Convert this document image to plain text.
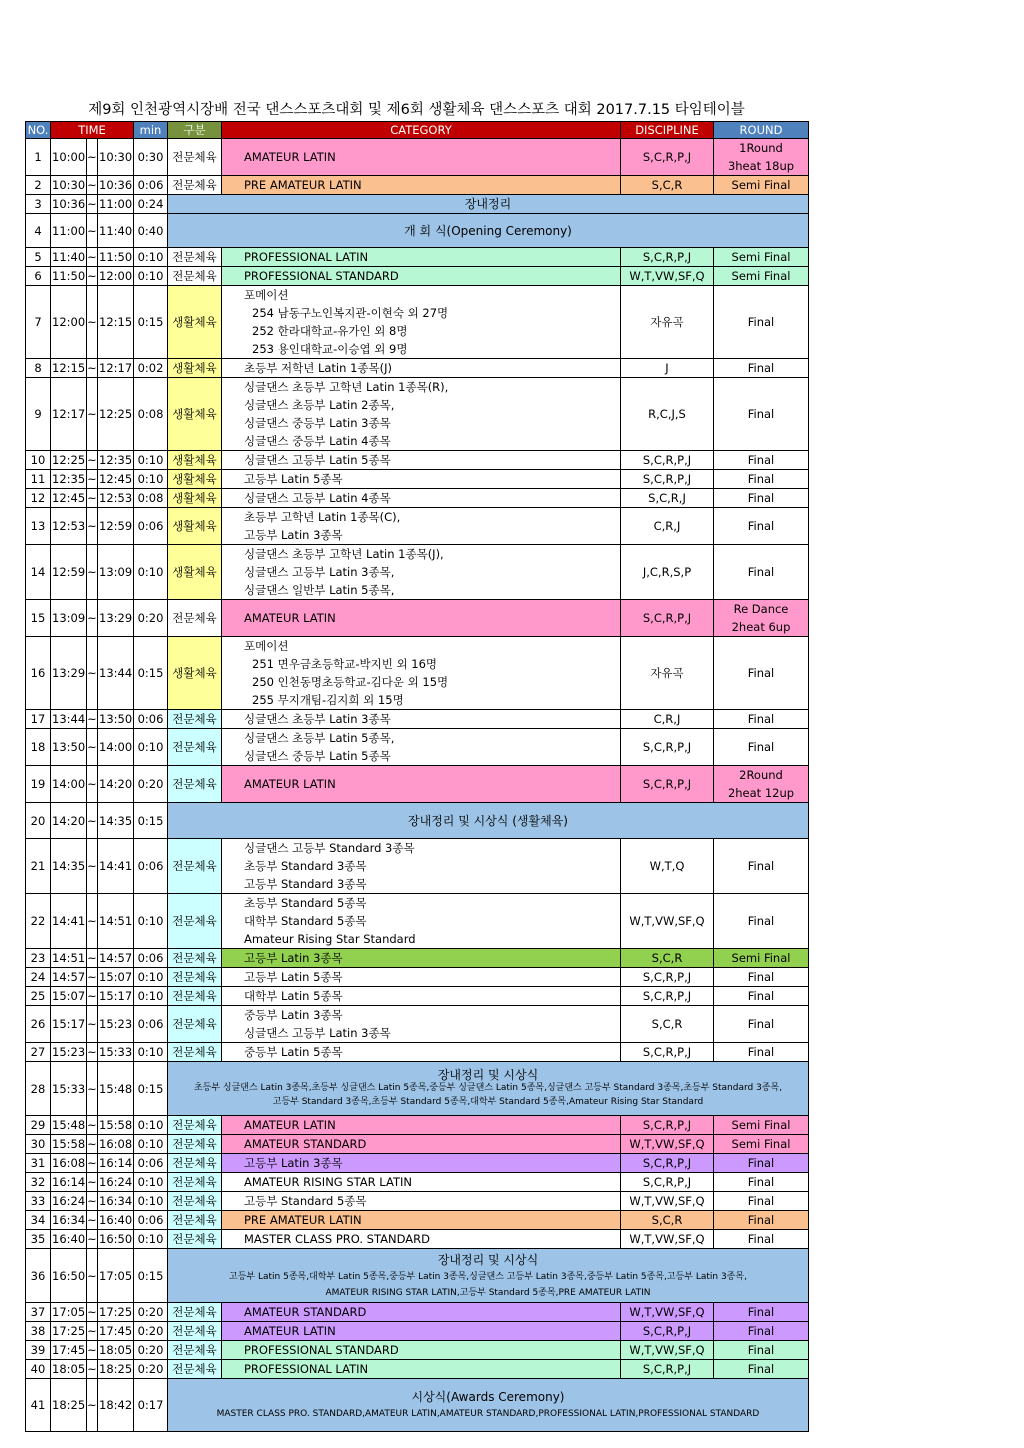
제9회 인천광역시장배 전국 댄스스포츠대회 및 제6회 생활체육 댄스스포츠 대회 2017.7.15 타임테이블
NO.	TIME			min	구분	CATEGORY	DISCIPLINE	ROUND
1	10:00	~	10:30	0:30	전문체육	AMATEUR LATIN	S,C,R,P,J	1Round
3heat 18up

2	10:30	~	10:36	0:06	전문체육	PRE AMATEUR LATIN	S,C,R	Semi Final

3	10:36	~	11:00	0:24	장내정리			

4	11:00	~	11:40	0:40	개 회 식(Opening Ceremony)			

5	11:40	~	11:50	0:10	전문체육	PROFESSIONAL LATIN	S,C,R,P,J	Semi Final

6	11:50	~	12:00	0:10	전문체육	PROFESSIONAL STANDARD	W,T,VW,SF,Q	Semi Final

7	12:00	~	12:15	0:15	생활체육	포메이션
254 남동구노인복지관-이현숙 외 27명
252 한라대학교-유가인 외 8명
253 용인대학교-이승엽 외 9명	자유곡	Final

8	12:15	~	12:17	0:02	생활체육	초등부 저학년 Latin 1종목(J)	J	Final

9	12:17	~	12:25	0:08	생활체육	싱글댄스 초등부 고학년 Latin 1종목(R),
싱글댄스 초등부 Latin 2종목,
싱글댄스 중등부 Latin 3종목
싱글댄스 중등부 Latin 4종목	R,C,J,S	Final

10	12:25	~	12:35	0:10	생활체육	싱글댄스 고등부 Latin 5종목	S,C,R,P,J	Final

11	12:35	~	12:45	0:10	생활체육	고등부 Latin 5종목	S,C,R,P,J	Final

12	12:45	~	12:53	0:08	생활체육	싱글댄스 고등부 Latin 4종목	S,C,R,J	Final

13	12:53	~	12:59	0:06	생활체육	초등부 고학년 Latin 1종목(C),
고등부 Latin 3종목	C,R,J	Final

14	12:59	~	13:09	0:10	생활체육	싱글댄스 초등부 고학년 Latin 1종목(J),
싱글댄스 고등부 Latin 3종목,
싱글댄스 일반부 Latin 5종목,	J,C,R,S,P	Final

15	13:09	~	13:29	0:20	전문체육	AMATEUR LATIN	S,C,R,P,J	Re Dance
2heat 6up

16	13:29	~	13:44	0:15	생활체육	포메이션
251 면우금초등학교-박지빈 외 16명
250 인천동명초등학교-김다운 외 15명
255 무지개팀-김지희 외 15명	자유곡	Final

17	13:44	~	13:50	0:06	전문체육	싱글댄스 초등부 Latin 3종목	C,R,J	Final

18	13:50	~	14:00	0:10	전문체육	싱글댄스 초등부 Latin 5종목,
싱글댄스 중등부 Latin 5종목	S,C,R,P,J	Final

19	14:00	~	14:20	0:20	전문체육	AMATEUR LATIN	S,C,R,P,J	2Round
2heat 12up

20	14:20	~	14:35	0:15	장내정리 및 시상식 (생활체육)			

21	14:35	~	14:41	0:06	전문체육	싱글댄스 고등부 Standard 3종목
초등부 Standard 3종목
고등부 Standard 3종목	W,T,Q	Final

22	14:41	~	14:51	0:10	전문체육	초등부 Standard 5종목
대학부 Standard 5종목
Amateur Rising Star Standard	W,T,VW,SF,Q	Final

23	14:51	~	14:57	0:06	전문체육	고등부 Latin 3종목	S,C,R	Semi Final

24	14:57	~	15:07	0:10	전문체육	고등부 Latin 5종목	S,C,R,P,J	Final

25	15:07	~	15:17	0:10	전문체육	대학부 Latin 5종목	S,C,R,P,J	Final

26	15:17	~	15:23	0:06	전문체육	중등부 Latin 3종목
싱글댄스 고등부 Latin 3종목	S,C,R	Final

27	15:23	~	15:33	0:10	전문체육	중등부 Latin 5종목	S,C,R,P,J	Final

28	15:33	~	15:48	0:15	장내정리 및 시상식
초등부 싱글댄스 Latin 3종목,초등부 싱글댄스 Latin 5종목,중등부 싱글댄스 Latin 5종목,싱글댄스 고등부 Standard 3종목,초등부 Standard 3종목,
고등부 Standard 3종목,초등부 Standard 5종목,대학부 Standard 5종목,Amateur Rising Star Standard			

29	15:48	~	15:58	0:10	전문체육	AMATEUR LATIN	S,C,R,P,J	Semi Final

30	15:58	~	16:08	0:10	전문체육	AMATEUR STANDARD	W,T,VW,SF,Q	Semi Final

31	16:08	~	16:14	0:06	전문체육	고등부 Latin 3종목	S,C,R,P,J	Final

32	16:14	~	16:24	0:10	전문체육	AMATEUR RISING STAR LATIN	S,C,R,P,J	Final

33	16:24	~	16:34	0:10	전문체육	고등부 Standard 5종목	W,T,VW,SF,Q	Final

34	16:34	~	16:40	0:06	전문체육	PRE AMATEUR LATIN	S,C,R	Final

35	16:40	~	16:50	0:10	전문체육	MASTER CLASS PRO. STANDARD	W,T,VW,SF,Q	Final

36	16:50	~	17:05	0:15	장내정리 및 시상식
고등부 Latin 5종목,대학부 Latin 5종목,중등부 Latin 3종목,싱글댄스 고등부 Latin 3종목,중등부 Latin 5종목,고등부 Latin 3종목,
AMATEUR RISING STAR LATIN,고등부 Standard 5종목,PRE AMATEUR LATIN			

37	17:05	~	17:25	0:20	전문체육	AMATEUR STANDARD	W,T,VW,SF,Q	Final

38	17:25	~	17:45	0:20	전문체육	AMATEUR LATIN	S,C,R,P,J	Final

39	17:45	~	18:05	0:20	전문체육	PROFESSIONAL STANDARD	W,T,VW,SF,Q	Final

40	18:05	~	18:25	0:20	전문체육	PROFESSIONAL LATIN	S,C,R,P,J	Final

41	18:25	~	18:42	0:17	시상식(Awards Ceremony)
MASTER CLASS PRO. STANDARD,AMATEUR LATIN,AMATEUR STANDARD,PROFESSIONAL LATIN,PROFESSIONAL STANDARD			
